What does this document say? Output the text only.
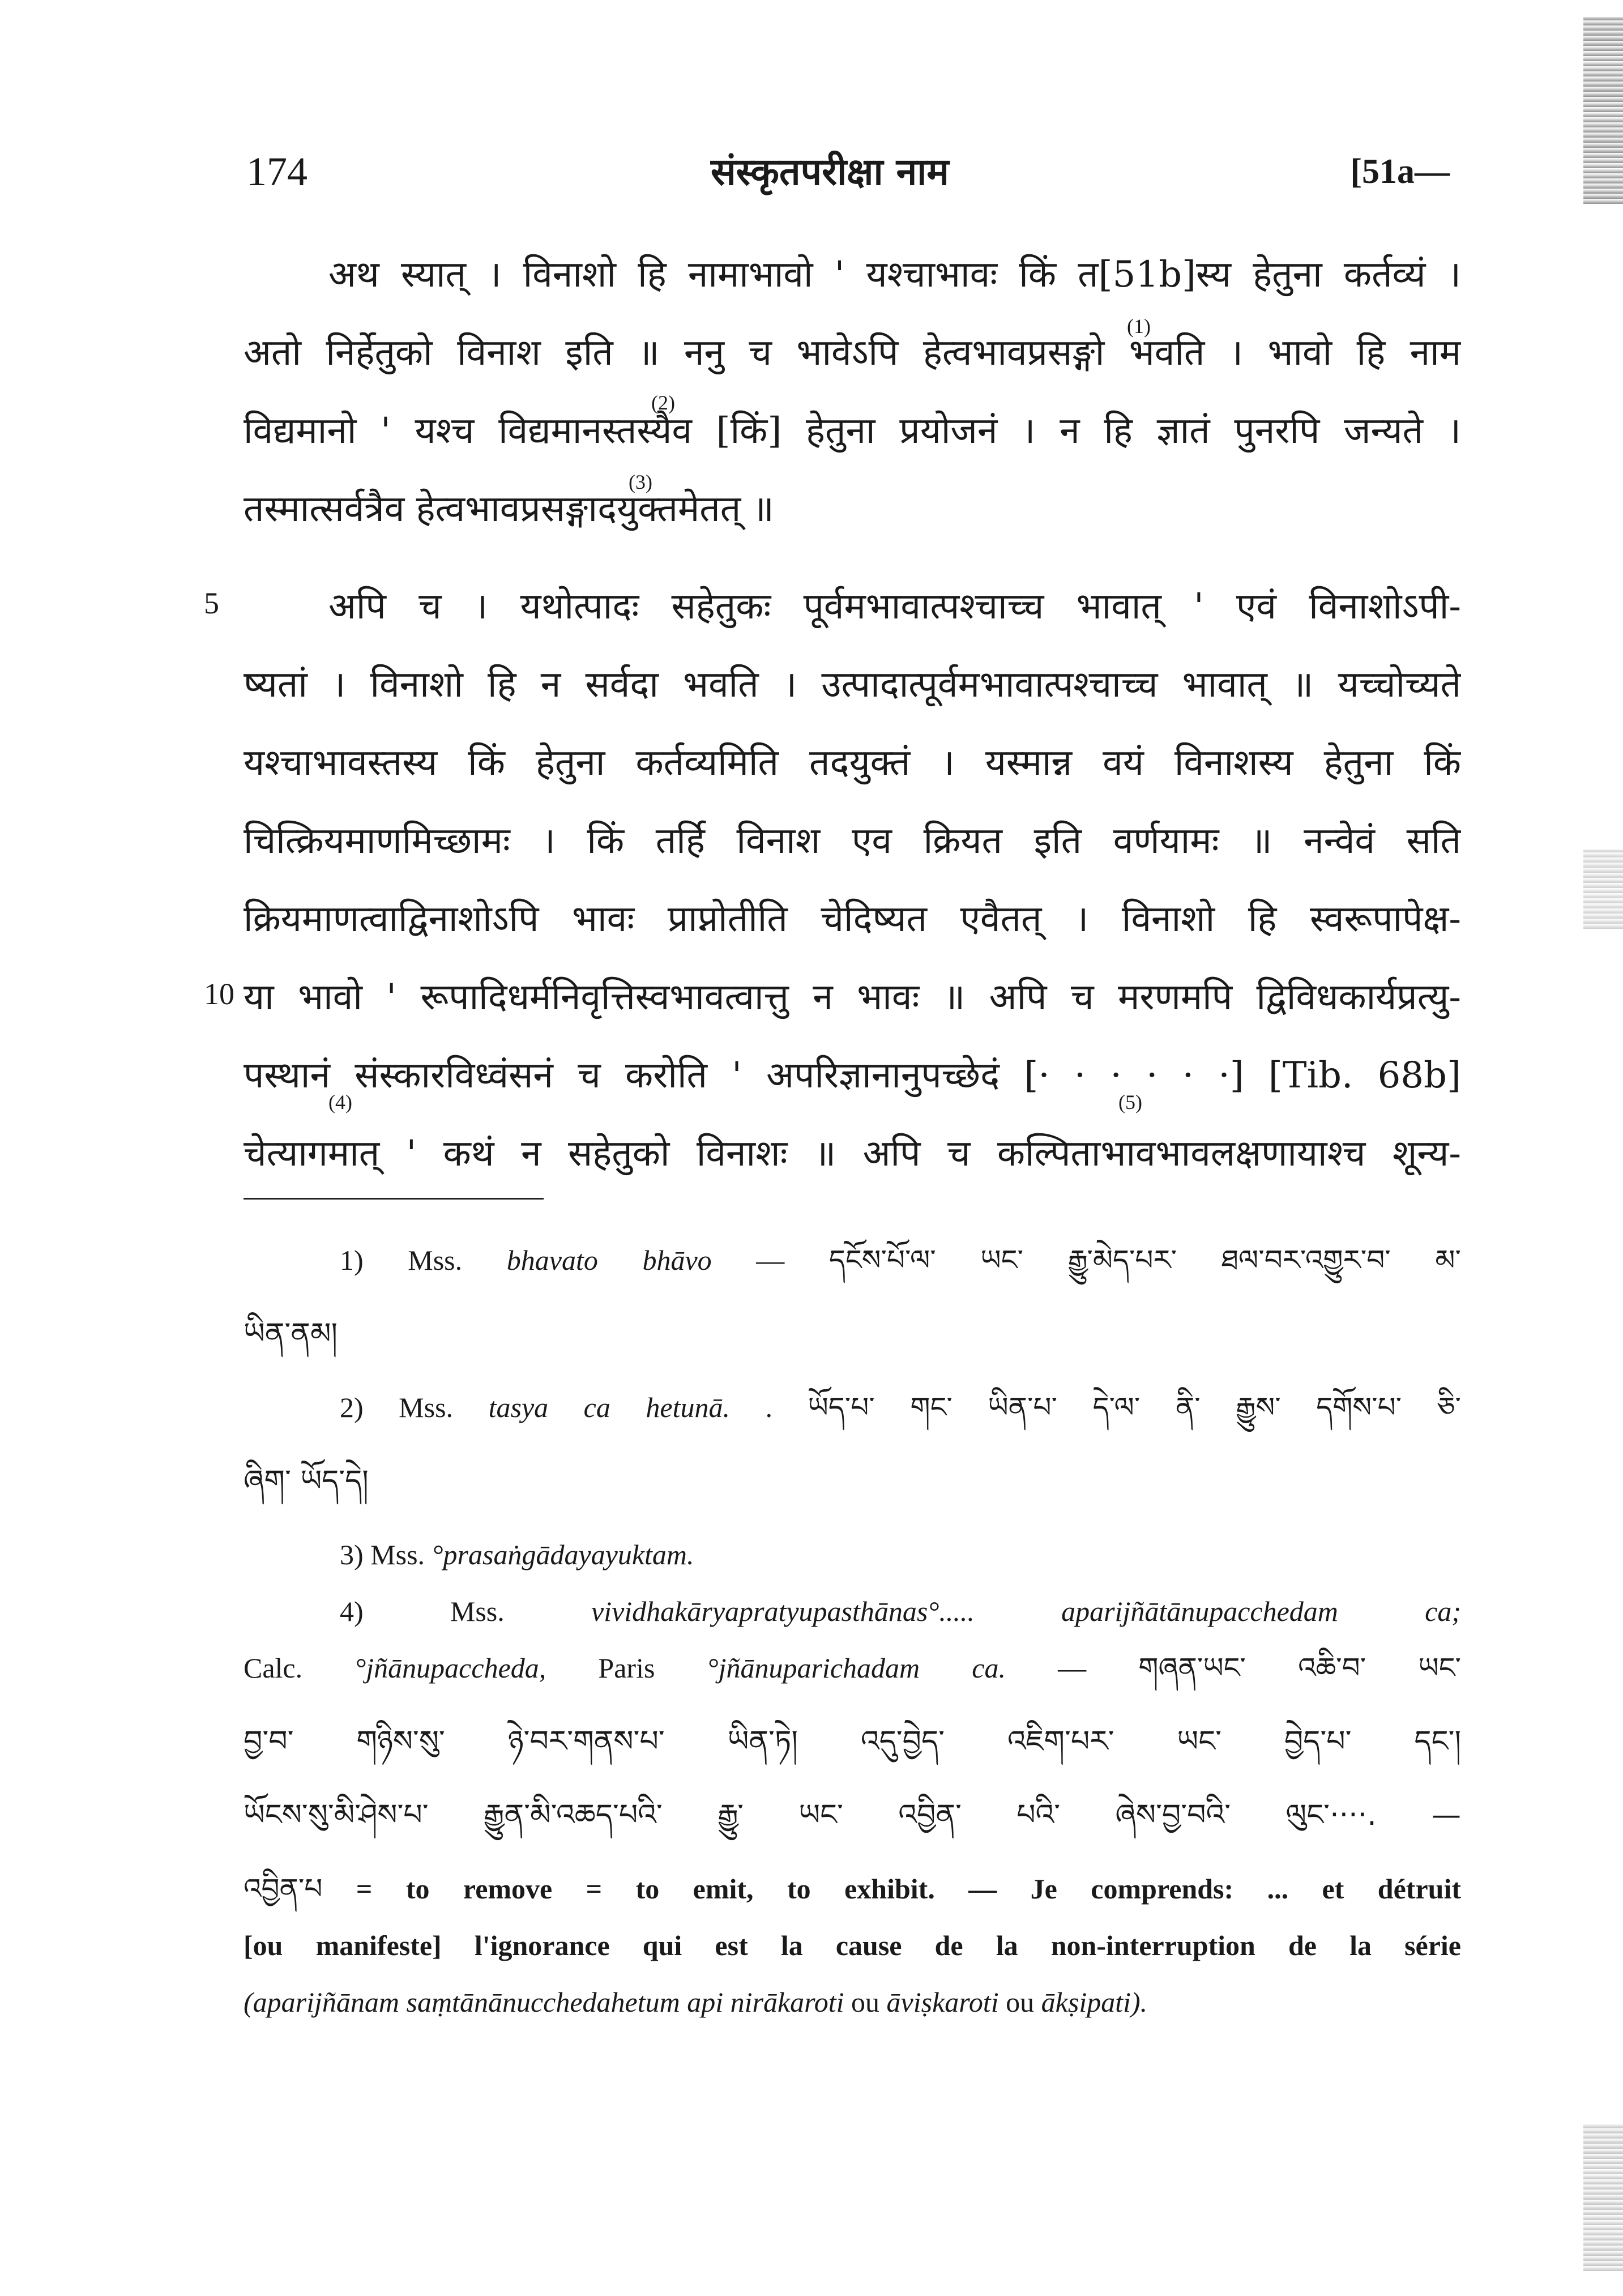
174	संस्कृतपरीक्षा नाम	[51a—
अथ स्यात् । विनाशो हि नामाभावो ' यश्चाभावः किं त[51b]स्य हेतुना कर्तव्यं ।
अतो निर्हेतुको विनाश इति ॥ ननु च भावेऽपि हेत्वभावप्रसङ्गो भवति । भावो हि नाम
विद्यमानो ' यश्च विद्यमानस्तस्यैव [किं] हेतुना प्रयोजनं । न हि ज्ञातं पुनरपि जन्यते ।
तस्मात्सर्वत्रैव हेत्वभावप्रसङ्गादयुक्तमेतत् ॥
अपि च । यथोत्पादः सहेतुकः पूर्वमभावात्पश्चाच्च भावात् ' एवं विनाशोऽपी-
ष्यतां । विनाशो हि न सर्वदा भवति । उत्पादात्पूर्वमभावात्पश्चाच्च भावात् ॥ यच्चोच्यते
यश्चाभावस्तस्य किं हेतुना कर्तव्यमिति तदयुक्तं । यस्मान्न वयं विनाशस्य हेतुना किं
चित्क्रियमाणमिच्छामः । किं तर्हि विनाश एव क्रियत इति वर्णयामः ॥ नन्वेवं सति
क्रियमाणत्वाद्विनाशोऽपि भावः प्राप्नोतीति चेदिष्यत एवैतत् । विनाशो हि स्वरूपापेक्ष-
या भावो ' रूपादिधर्मनिवृत्तिस्वभावत्वात्तु न भावः ॥ अपि च मरणमपि द्विविधकार्यप्रत्यु-
पस्थानं संस्कारविध्वंसनं च करोति ' अपरिज्ञानानुपच्छेदं [· · · · · ·] [Tib. 68b]
चेत्यागमात् ' कथं न सहेतुको विनाशः ॥ अपि च कल्पिताभावभावलक्षणायाश्च शून्य-
5
10
(1)
(2)
(3)
(4)	(5)
1) Mss. bhavato bhāvo — དངོས་པོ་ལ་ ཡང་ རྒྱུ་མེད་པར་ ཐལ་བར་འགྱུར་བ་ མ་
ཡིན་ནམ།
2) Mss. tasya ca hetunā. . ཡོད་པ་ གང་ ཡིན་པ་ དེ་ལ་ ནི་ རྒྱུས་ དགོས་པ་ ཅི་
ཞིག་ ཡོད་དེ།
3) Mss. °prasaṅgādayayuktam.
4) Mss.	vividhakāryapratyupasthānas°.....	aparijñātānupacchedam ca;
Calc. °jñānupaccheda, Paris °jñānuparichadam ca. — གཞན་ཡང་ འཆི་བ་ ཡང་
བྱ་བ་ གཉིས་སུ་ ཉེ་བར་གནས་པ་ ཡིན་ཏེ། འདུ་བྱེད་ འཇིག་པར་ ཡང་ བྱེད་པ་ དང་།
ཡོངས་སུ་མི་ཤེས་པ་ རྒྱུན་མི་འཆད་པའི་ རྒྱུ་ ཡང་ འབྱིན་ པའི་ ཞེས་བྱ་བའི་ ལུང་····. —
འབྱིན་པ = to remove = to emit, to exhibit. — Je comprends: ... et détruit
[ou manifeste] l'ignorance qui est la cause de la non-interruption de la série
(aparijñānam saṃtānānucchedahetum api nirākaroti ou āviṣkaroti ou ākṣipati).
